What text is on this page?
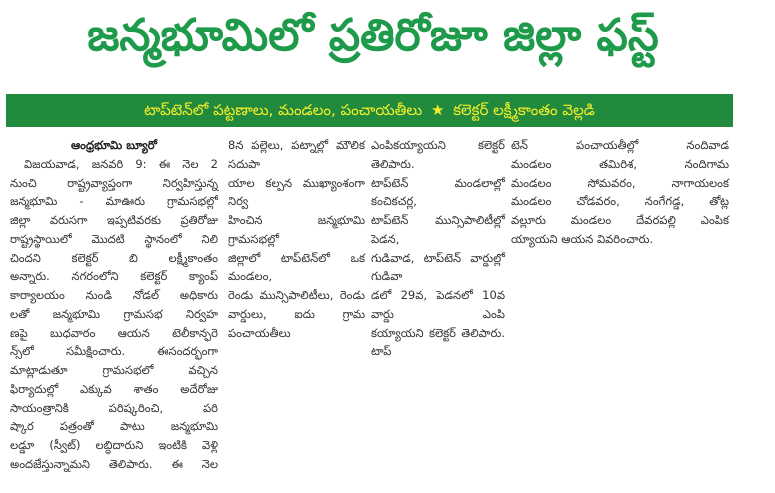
జన్మభూమిలో ప్రతిరోజూ జిల్లా ఫస్ట్
టాప్‌టెన్‌లో పట్టణాలు, మండలం, పంచాయతీలు ★ కలెక్టర్ లక్ష్మీకాంతం వెల్లడి
ఆంధ్రభూమి బ్యూరో
విజయవాడ, జనవరి 9: ఈ నెల 2
నుంచి రాష్ట్రవ్యాప్తంగా నిర్వహిస్తున్న
జన్మభూమి - మాఊరు గ్రామసభల్లో
జిల్లా వరుసగా ఇప్పటివరకు ప్రతిరోజు
రాష్ట్రస్థాయిలో మొదటి స్థానంలో నిలి
చిందని కలెక్టర్ బి లక్ష్మీకాంతం
అన్నారు. నగరంలోని కలెక్టర్ క్యాంప్
కార్యాలయం నుండి నోడల్ అధికారు
లతో జన్మభూమి గ్రామసభ నిర్వహ
ణపై బుధవారం ఆయన టెలీకాన్ఫరె
న్స్‌లో సమీక్షించారు. ఈసందర్భంగా
మాట్లాడుతూ గ్రామసభలో వచ్చిన
ఫిర్యాదుల్లో ఎక్కువ శాతం అదేరోజు
సాయంత్రానికి పరిష్కరించి, పరి
ష్కార పత్రంతో పాటు జన్మభూమి
లడ్డూ (స్వీట్) లబ్ధిదారుని ఇంటికి వెళ్లి
అందజేస్తున్నామని తెలిపారు. ఈ నెల
8న పల్లెలు, పట్నాల్లో మౌలిక సదుపా
యాల కల్పన ముఖ్యాంశంగా నిర్వ
హించిన జన్మభూమి గ్రామసభల్లో
జిల్లాలో టాప్‌టెన్‌లో ఒక మండలం,
రెండు మున్సిపాలిటీలు, రెండు
వార్డులు, ఐదు గ్రామ పంచాయతీలు
ఎంపికయ్యాయని కలెక్టర్ తెలిపారు.
టాప్‌టెన్ మండలాల్లో కంచికచర్ల,
టాప్‌టెన్ మున్సిపాలిటీల్లో పెడన,
గుడివాడ, టాప్‌టెన్ వార్డుల్లో గుడివా
డలో 29వ, పెడనలో 10వ వార్డు ఎంపి
కయ్యాయని కలెక్టర్ తెలిపారు. టాప్
టెన్ పంచాయతీల్లో నందివాడ
మండలం తమిరిశ, నందిగామ
మండలం సోమవరం, నాగాయలంక
మండలం చోడవరం, నంగేగడ్డ, తోట్ల
వల్లూరు మండలం దేవరపల్లి ఎంపిక
య్యాయని ఆయన వివరించారు.
